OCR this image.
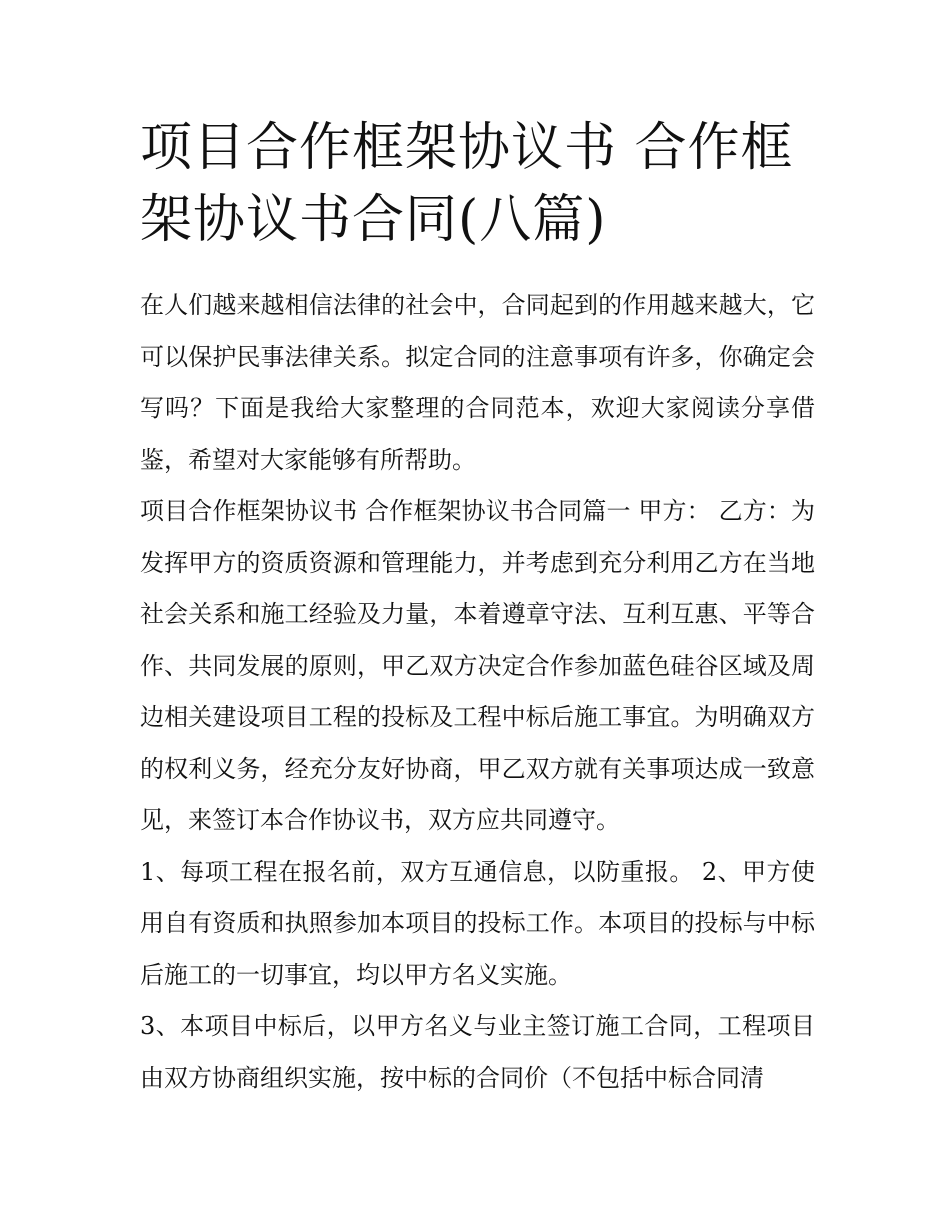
项目合作框架协议书 合作框架协议书合同(八篇)

在人们越来越相信法律的社会中，合同起到的作用越来越大，它可以保护民事法律关系。拟定合同的注意事项有许多，你确定会写吗？下面是我给大家整理的合同范本，欢迎大家阅读分享借鉴，希望对大家能够有所帮助。

项目合作框架协议书 合作框架协议书合同篇一 甲方： 乙方：为发挥甲方的资质资源和管理能力，并考虑到充分利用乙方在当地社会关系和施工经验及力量，本着遵章守法、互利互惠、平等合作、共同发展的原则，甲乙双方决定合作参加蓝色硅谷区域及周边相关建设项目工程的投标及工程中标后施工事宜。为明确双方的权利义务，经充分友好协商，甲乙双方就有关事项达成一致意见，来签订本合作协议书，双方应共同遵守。

1、每项工程在报名前，双方互通信息，以防重报。 2、甲方使用自有资质和执照参加本项目的投标工作。本项目的投标与中标后施工的一切事宜，均以甲方名义实施。

3、本项目中标后，以甲方名义与业主签订施工合同，工程项目由双方协商组织实施，按中标的合同价（不包括中标合同清
